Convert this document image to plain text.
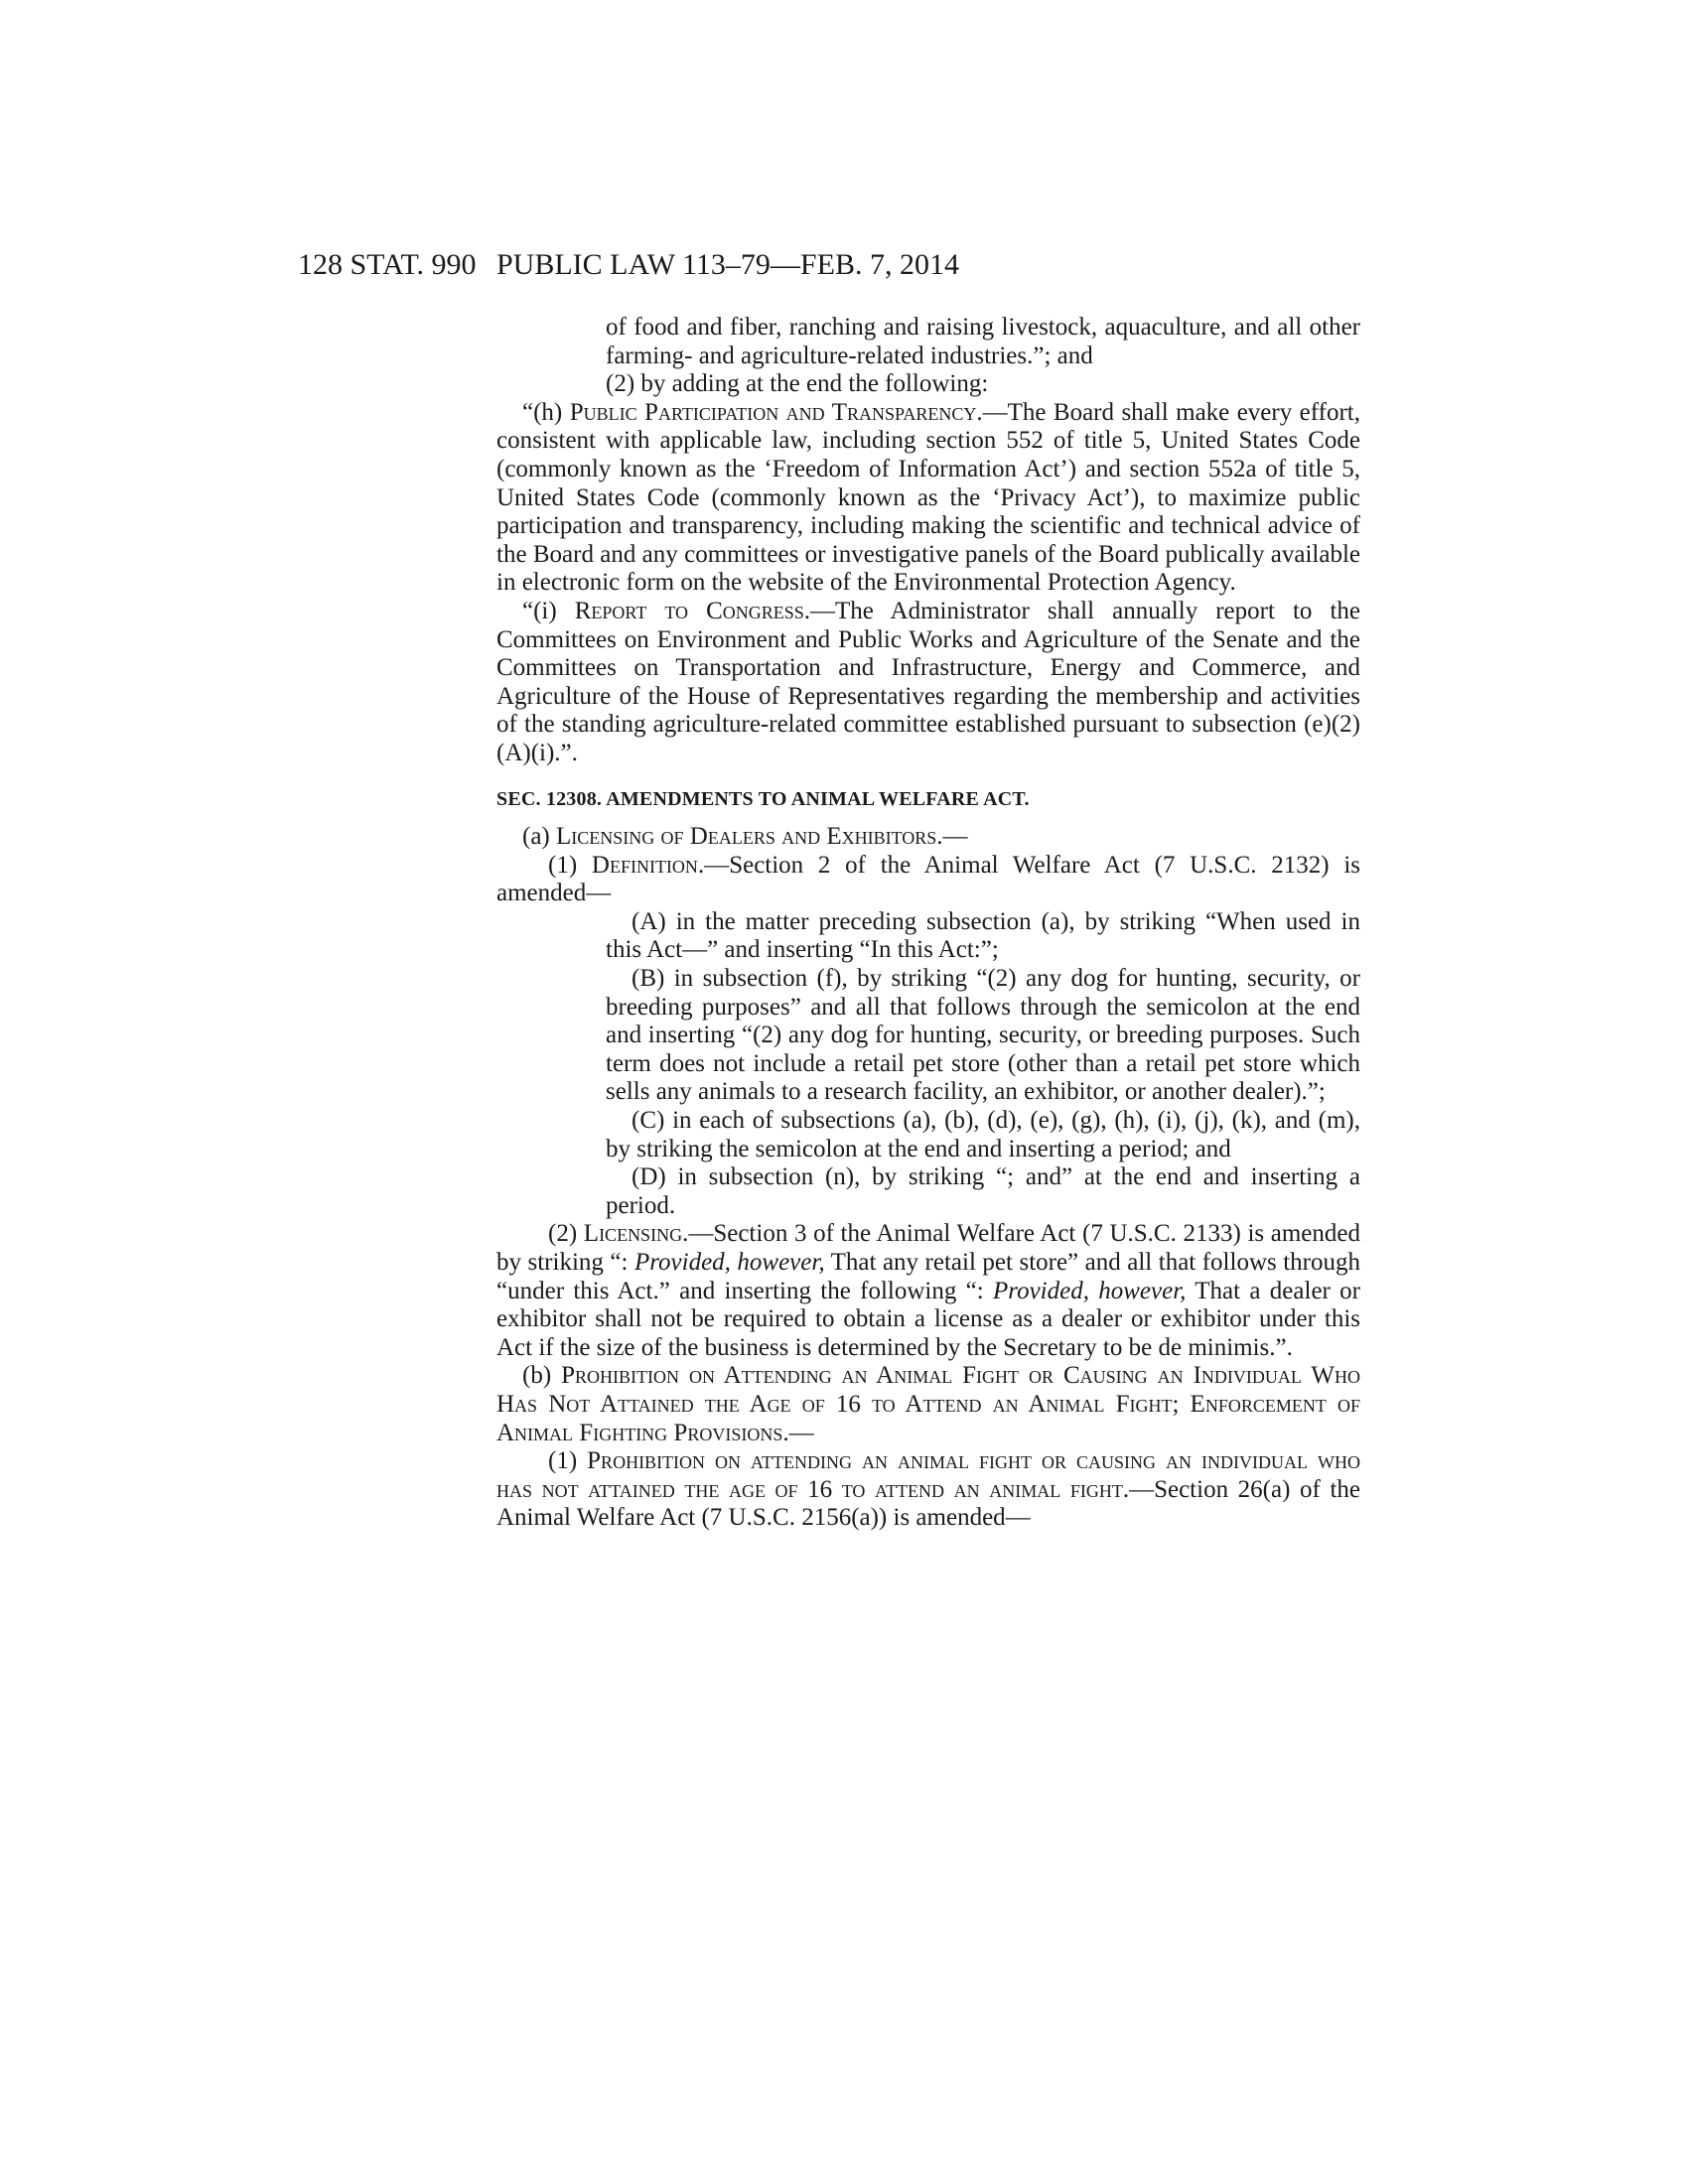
128 STAT. 990 PUBLIC LAW 113–79—FEB. 7, 2014

of food and fiber, ranching and raising livestock, aquaculture, and all other farming- and agriculture-related industries.”; and

(2) by adding at the end the following:

“(h) Public Participation and Transparency.—The Board shall make every effort, consistent with applicable law, including section 552 of title 5, United States Code (commonly known as the ‘Freedom of Information Act’) and section 552a of title 5, United States Code (commonly known as the ‘Privacy Act’), to maximize public participation and transparency, including making the scientific and technical advice of the Board and any committees or investigative panels of the Board publically available in electronic form on the website of the Environmental Protection Agency.

“(i) Report to Congress.—The Administrator shall annually report to the Committees on Environment and Public Works and Agriculture of the Senate and the Committees on Transportation and Infrastructure, Energy and Commerce, and Agriculture of the House of Representatives regarding the membership and activities of the standing agriculture-related committee established pursuant to subsection (e)(2)(A)(i).”.

SEC. 12308. AMENDMENTS TO ANIMAL WELFARE ACT.

(a) Licensing of Dealers and Exhibitors.—

(1) Definition.—Section 2 of the Animal Welfare Act (7 U.S.C. 2132) is amended—

(A) in the matter preceding subsection (a), by striking “When used in this Act—” and inserting “In this Act:”;

(B) in subsection (f), by striking “(2) any dog for hunting, security, or breeding purposes” and all that follows through the semicolon at the end and inserting “(2) any dog for hunting, security, or breeding purposes. Such term does not include a retail pet store (other than a retail pet store which sells any animals to a research facility, an exhibitor, or another dealer).”;

(C) in each of subsections (a), (b), (d), (e), (g), (h), (i), (j), (k), and (m), by striking the semicolon at the end and inserting a period; and

(D) in subsection (n), by striking “; and” at the end and inserting a period.

(2) Licensing.—Section 3 of the Animal Welfare Act (7 U.S.C. 2133) is amended by striking “: Provided, however, That any retail pet store” and all that follows through “under this Act.” and inserting the following “: Provided, however, That a dealer or exhibitor shall not be required to obtain a license as a dealer or exhibitor under this Act if the size of the business is determined by the Secretary to be de minimis.”.

(b) Prohibition on Attending an Animal Fight or Causing an Individual Who Has Not Attained the Age of 16 to Attend an Animal Fight; Enforcement of Animal Fighting Provisions.—

(1) Prohibition on attending an animal fight or causing an individual who has not attained the age of 16 to attend an animal fight.—Section 26(a) of the Animal Welfare Act (7 U.S.C. 2156(a)) is amended—
